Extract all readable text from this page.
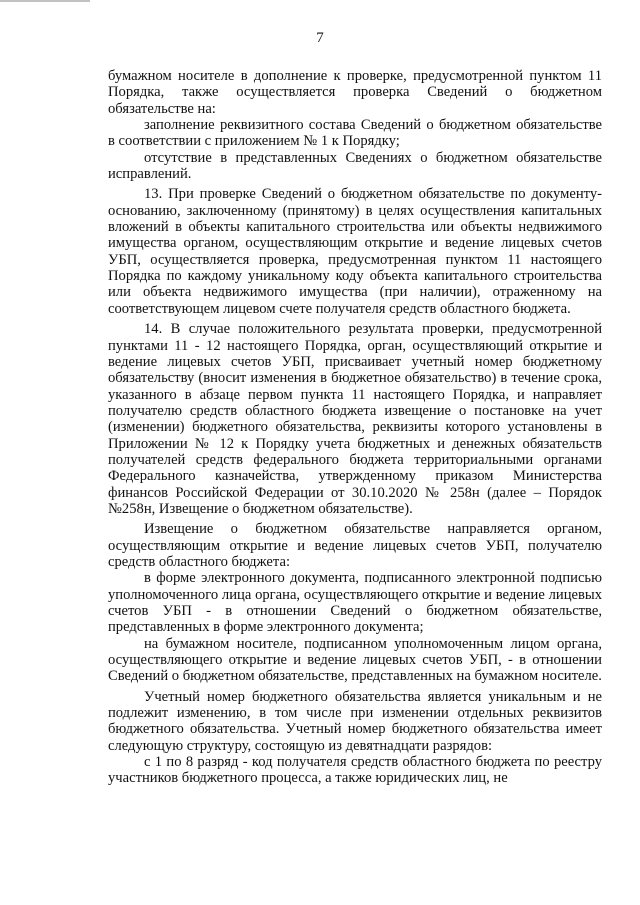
7

бумажном носителе в дополнение к проверке, предусмотренной пунктом 11 Порядка, также осуществляется проверка Сведений о бюджетном обязательстве на:

заполнение реквизитного состава Сведений о бюджетном обязательстве в соответствии с приложением № 1 к Порядку;

отсутствие в представленных Сведениях о бюджетном обязательстве исправлений.

13. При проверке Сведений о бюджетном обязательстве по документу-основанию, заключенному (принятому) в целях осуществления капитальных вложений в объекты капитального строительства или объекты недвижимого имущества органом, осуществляющим открытие и ведение лицевых счетов УБП, осуществляется проверка, предусмотренная пунктом 11 настоящего Порядка по каждому уникальному коду объекта капитального строительства или объекта недвижимого имущества (при наличии), отраженному на соответствующем лицевом счете получателя средств областного бюджета.

14. В случае положительного результата проверки, предусмотренной пунктами 11 - 12 настоящего Порядка, орган, осуществляющий открытие и ведение лицевых счетов УБП, присваивает учетный номер бюджетному обязательству (вносит изменения в бюджетное обязательство) в течение срока, указанного в абзаце первом пункта 11 настоящего Порядка, и направляет получателю средств областного бюджета извещение о постановке на учет (изменении) бюджетного обязательства, реквизиты которого установлены в Приложении № 12 к Порядку учета бюджетных и денежных обязательств получателей средств федерального бюджета территориальными органами Федерального казначейства, утвержденному приказом Министерства финансов Российской Федерации от 30.10.2020 № 258н (далее – Порядок №258н, Извещение о бюджетном обязательстве).

Извещение о бюджетном обязательстве направляется органом, осуществляющим открытие и ведение лицевых счетов УБП, получателю средств областного бюджета:

в форме электронного документа, подписанного электронной подписью уполномоченного лица органа, осуществляющего открытие и ведение лицевых счетов УБП - в отношении Сведений о бюджетном обязательстве, представленных в форме электронного документа;

на бумажном носителе, подписанном уполномоченным лицом органа, осуществляющего открытие и ведение лицевых счетов УБП, - в отношении Сведений о бюджетном обязательстве, представленных на бумажном носителе.

Учетный номер бюджетного обязательства является уникальным и не подлежит изменению, в том числе при изменении отдельных реквизитов бюджетного обязательства. Учетный номер бюджетного обязательства имеет следующую структуру, состоящую из девятнадцати разрядов:

с 1 по 8 разряд - код получателя средств областного бюджета по реестру участников бюджетного процесса, а также юридических лиц, не
